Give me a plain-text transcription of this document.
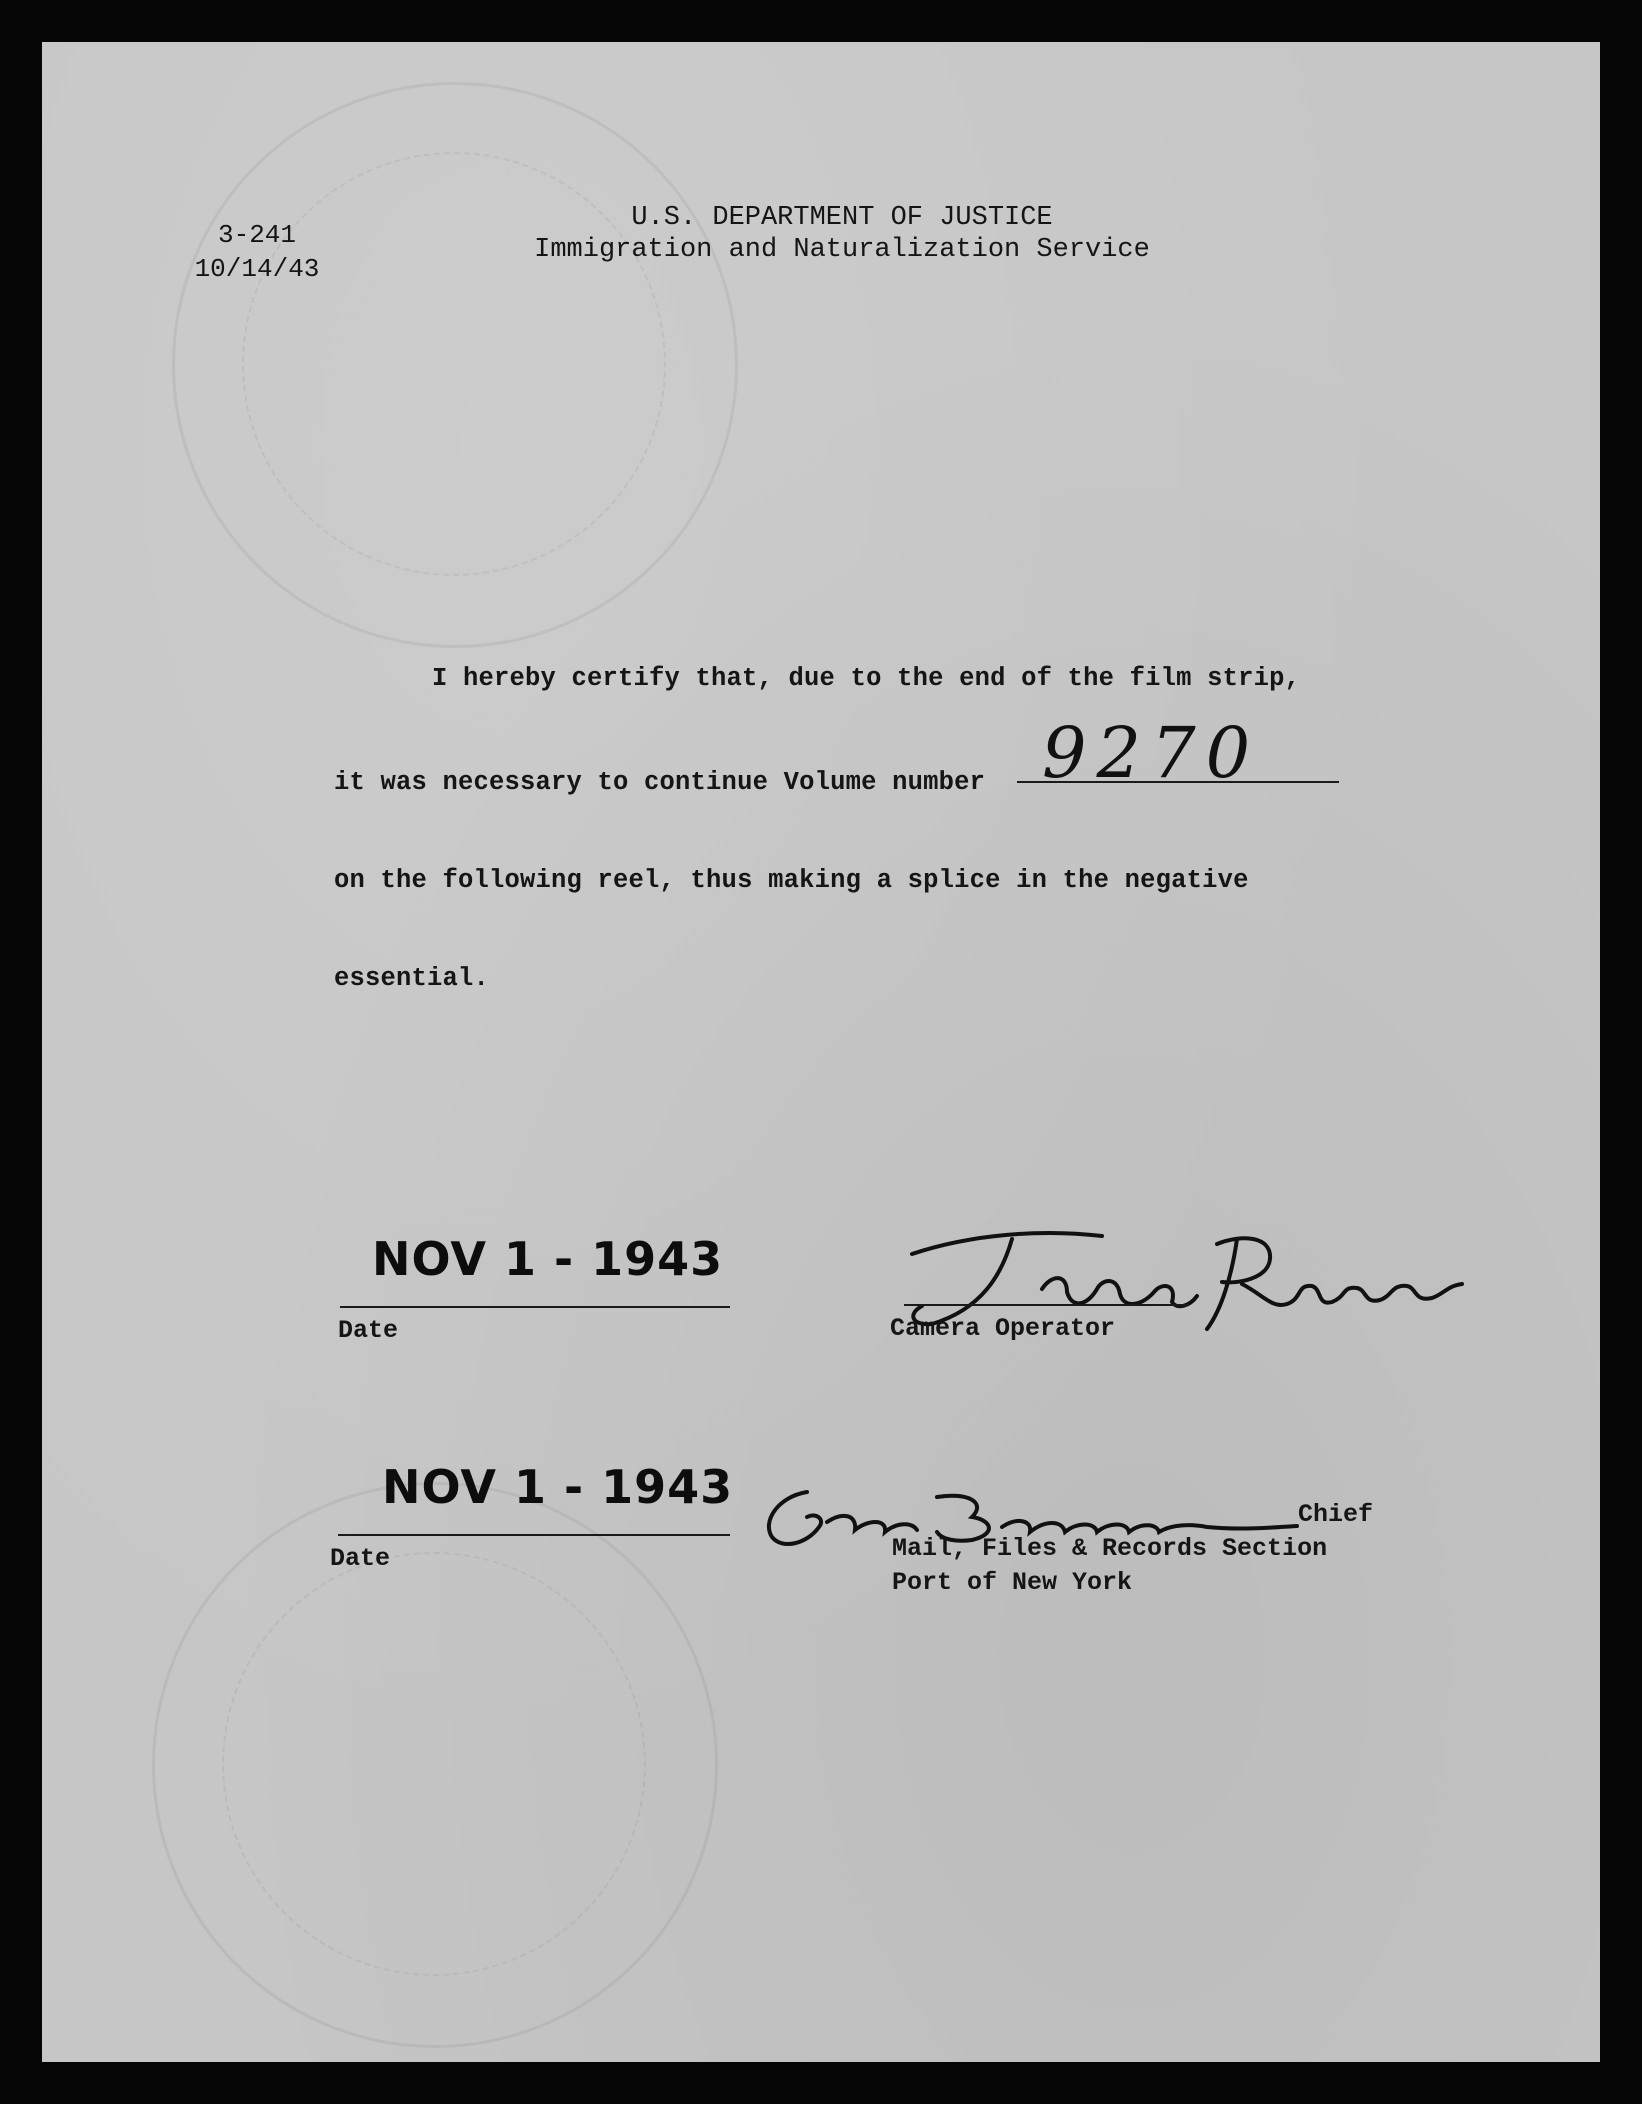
3-241
10/14/43
U.S. DEPARTMENT OF JUSTICE
Immigration and Naturalization Service
I hereby certify that, due to the end of the film strip,
it was necessary to continue Volume number 9270
on the following reel, thus making a splice in the negative
essential.
NOV 1 - 1943
Date	Camera Operator
NOV 1 - 1943
Date
Chief
Mail, Files & Records Section
Port of New York
